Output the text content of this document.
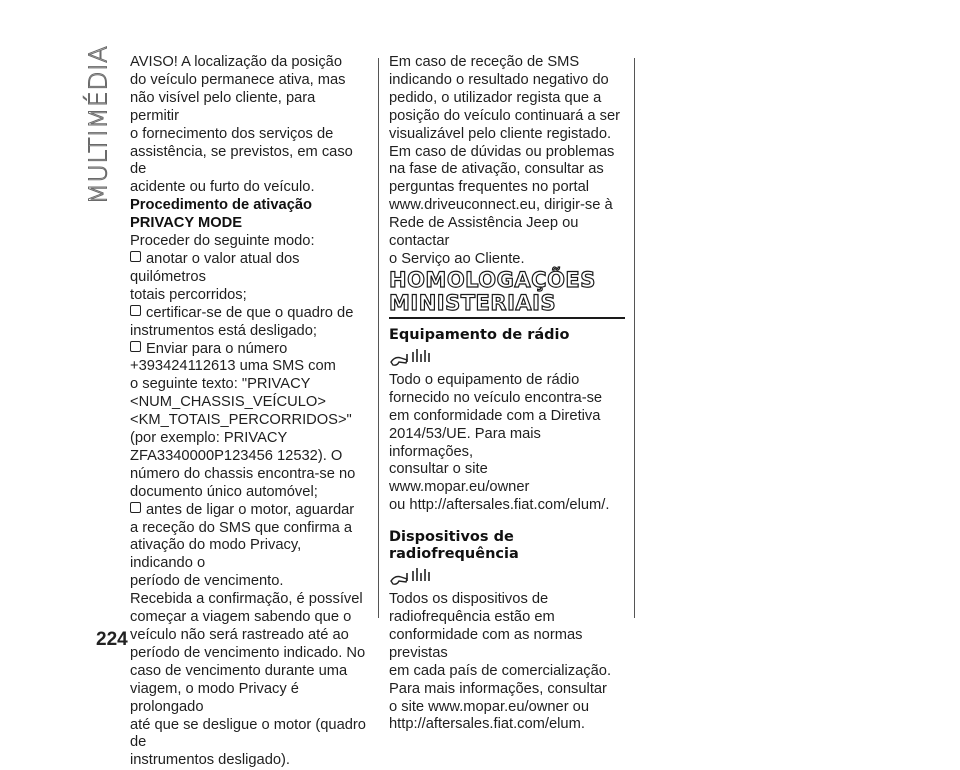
MULTIMÉDIA AVISO! A localização da posição
do veículo permanece ativa, mas
não visível pelo cliente, para permitir
o fornecimento dos serviços de
assistência, se previstos, em caso de
acidente ou furto do veículo.

Procedimento de ativação
PRIVACY MODE

Proceder do seguinte modo:

anotar o valor atual dos quilómetros
totais percorridos;

certificar-se de que o quadro de
instrumentos está desligado;

Enviar para o número
+393424112613 uma SMS com
o seguinte texto: "PRIVACY
<NUM_CHASSIS_VEÍCULO>
<KM_TOTAIS_PERCORRIDOS>"
(por exemplo: PRIVACY
ZFA3340000P123456 12532). O
número do chassis encontra-se no
documento único automóvel;

antes de ligar o motor, aguardar
a receção do SMS que confirma a
ativação do modo Privacy, indicando o
período de vencimento.

Recebida a confirmação, é possível
começar a viagem sabendo que o
veículo não será rastreado até ao
período de vencimento indicado. No
caso de vencimento durante uma
viagem, o modo Privacy é prolongado
até que se desligue o motor (quadro de
instrumentos desligado).

Em caso de receção de SMS
indicando o resultado negativo do
pedido, o utilizador regista que a
posição do veículo continuará a ser
visualizável pelo cliente registado.

Em caso de dúvidas ou problemas
na fase de ativação, consultar as
perguntas frequentes no portal
www.driveuconnect.eu, dirigir-se à
Rede de Assistência Jeep ou contactar
o Serviço ao Cliente.

HOMOLOGAÇÕES
MINISTERIAIS

Equipamento de rádio

Todo o equipamento de rádio
fornecido no veículo encontra-se
em conformidade com a Diretiva
2014/53/UE. Para mais informações,
consultar o site www.mopar.eu/owner
ou http://aftersales.fiat.com/elum/.

Dispositivos de
radiofrequência

Todos os dispositivos de
radiofrequência estão em
conformidade com as normas previstas
em cada país de comercialização.
Para mais informações, consultar
o site www.mopar.eu/owner ou
http://aftersales.fiat.com/elum.

224
